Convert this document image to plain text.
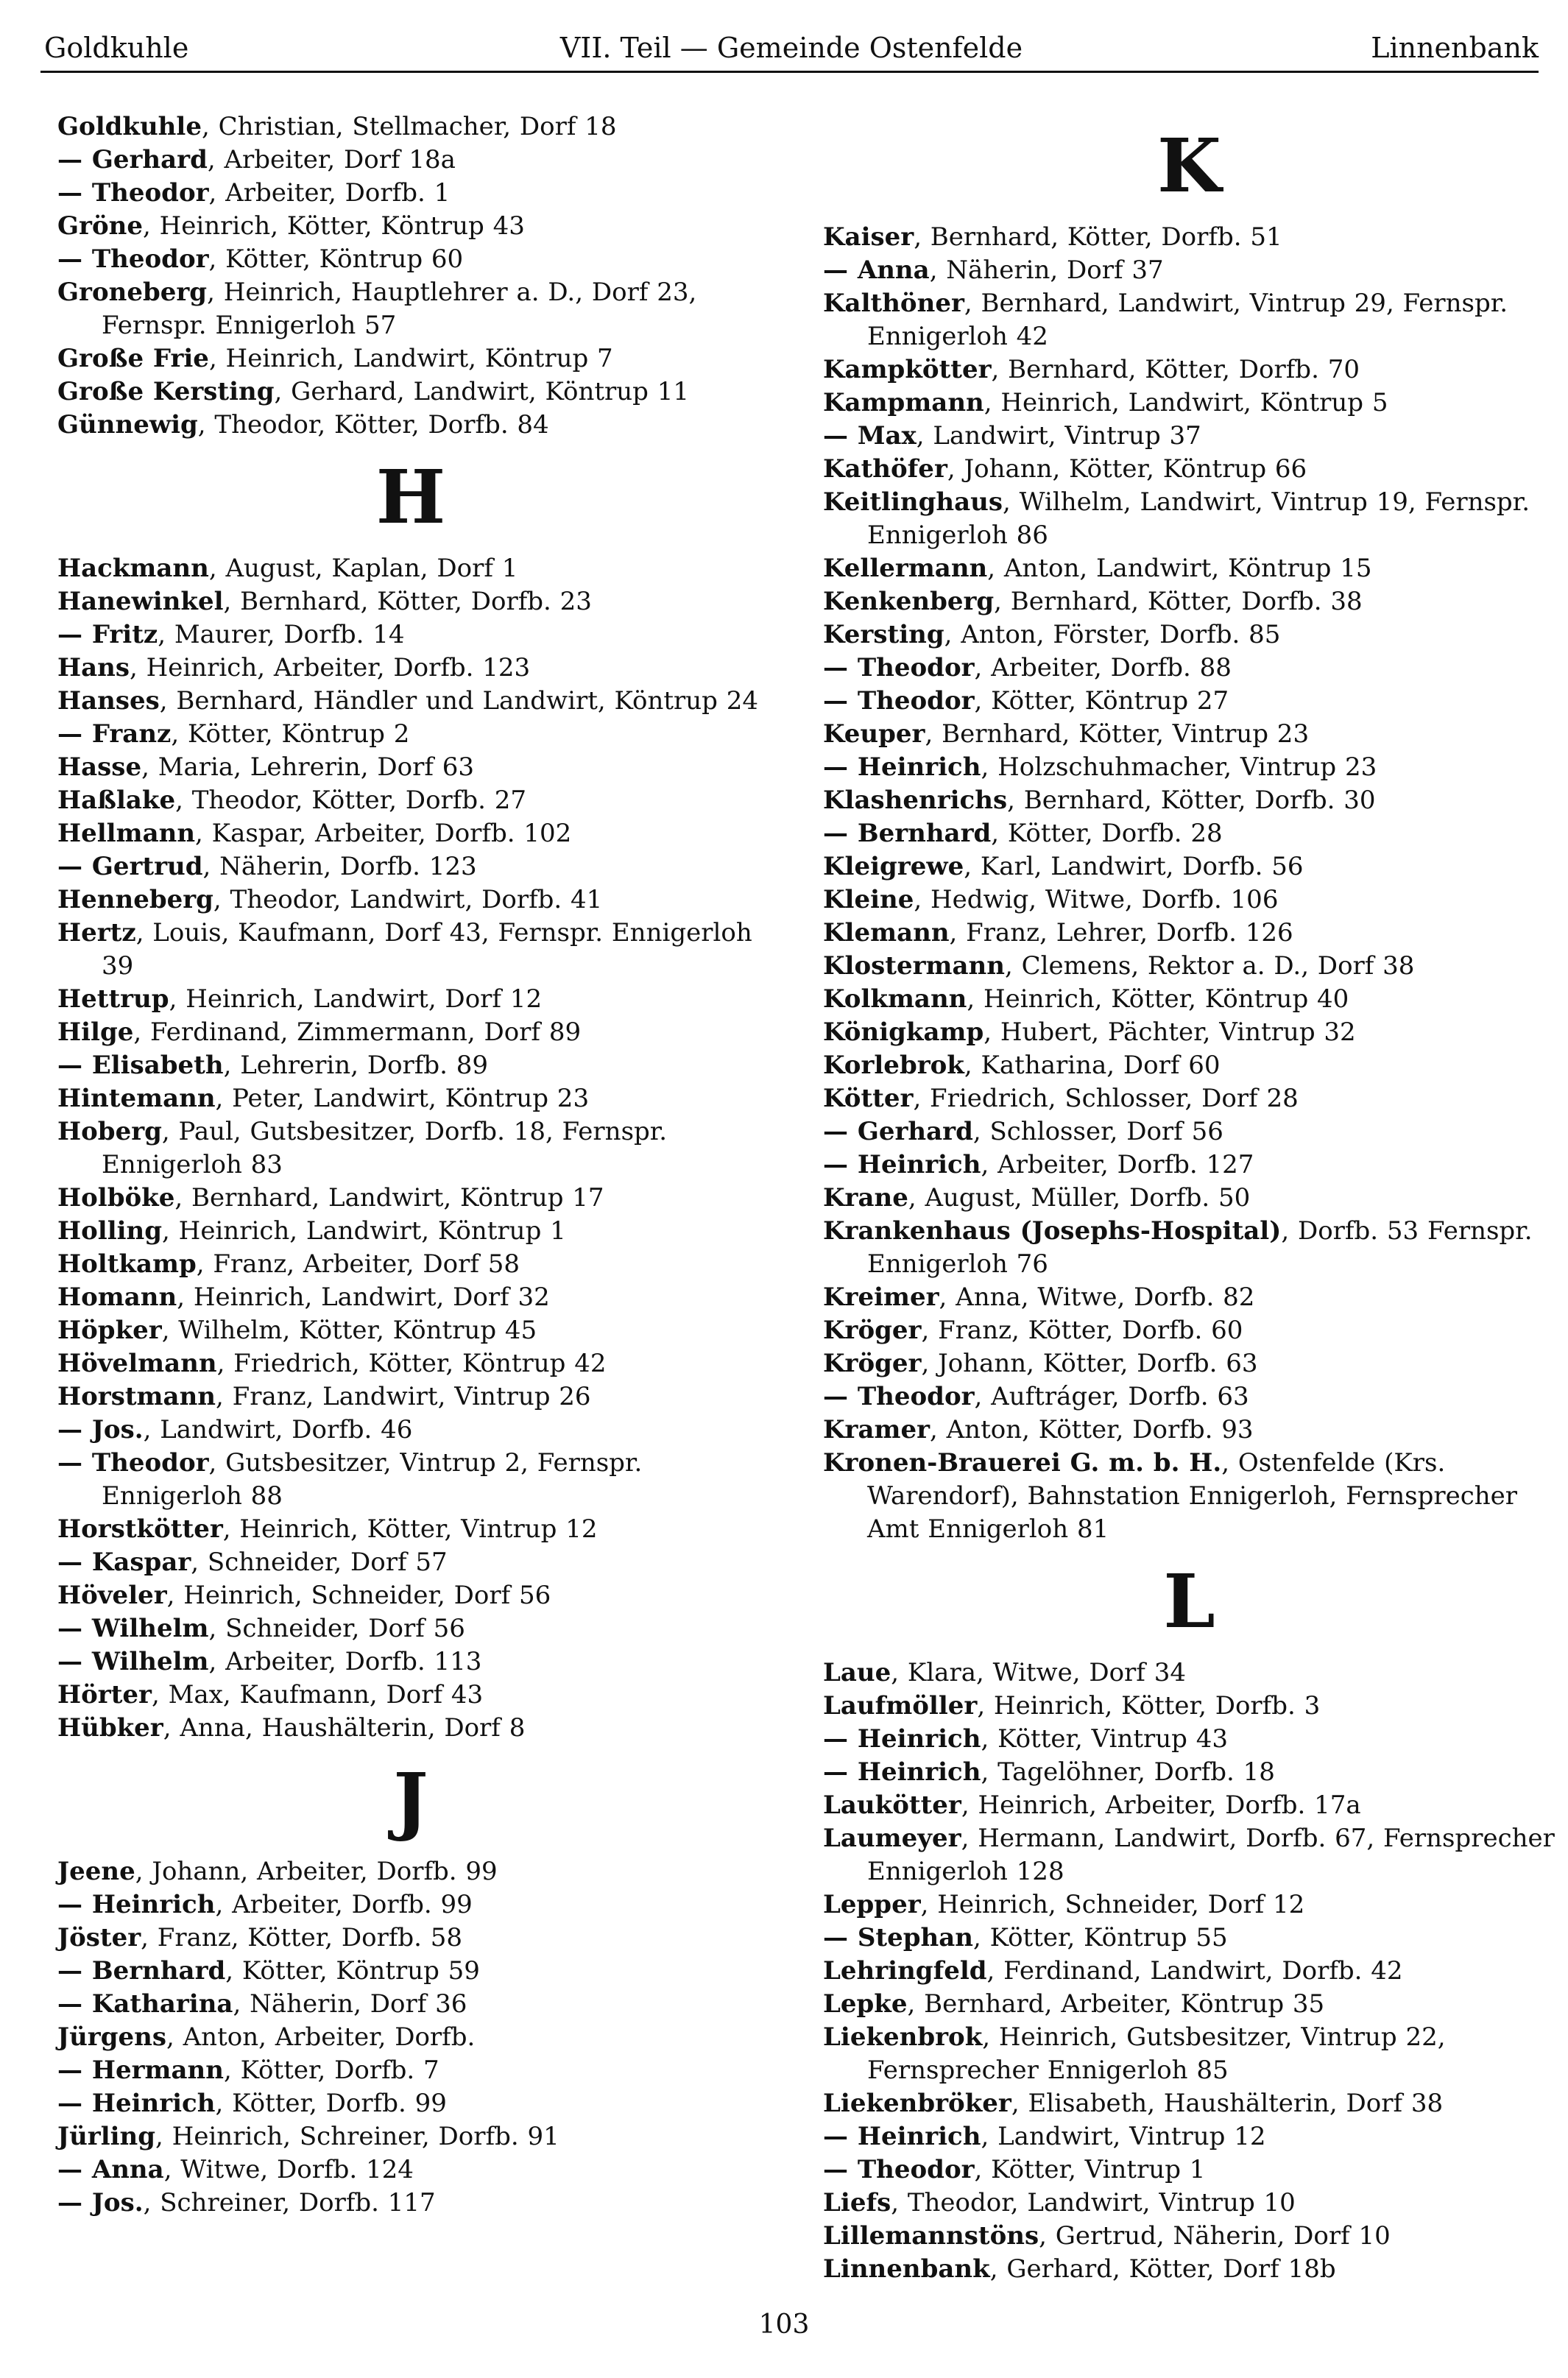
Goldkuhle	VII. Teil — Gemeinde Ostenfelde	Linnenbank

Goldkuhle, Christian, Stellmacher, Dorf 18

— Gerhard, Arbeiter, Dorf 18a

— Theodor, Arbeiter, Dorfb. 1

Gröne, Heinrich, Kötter, Köntrup 43

— Theodor, Kötter, Köntrup 60

Groneberg, Heinrich, Hauptlehrer a. D., Dorf 23, Fernspr. Ennigerloh 57

Große Frie, Heinrich, Landwirt, Köntrup 7

Große Kersting, Gerhard, Landwirt, Köntrup 11

Günnewig, Theodor, Kötter, Dorfb. 84

H

Hackmann, August, Kaplan, Dorf 1

Hanewinkel, Bernhard, Kötter, Dorfb. 23

— Fritz, Maurer, Dorfb. 14

Hans, Heinrich, Arbeiter, Dorfb. 123

Hanses, Bernhard, Händler und Landwirt, Köntrup 24

— Franz, Kötter, Köntrup 2

Hasse, Maria, Lehrerin, Dorf 63

Haßlake, Theodor, Kötter, Dorfb. 27

Hellmann, Kaspar, Arbeiter, Dorfb. 102

— Gertrud, Näherin, Dorfb. 123

Henneberg, Theodor, Landwirt, Dorfb. 41

Hertz, Louis, Kaufmann, Dorf 43, Fernspr. Ennigerloh 39

Hettrup, Heinrich, Landwirt, Dorf 12

Hilge, Ferdinand, Zimmermann, Dorf 89

— Elisabeth, Lehrerin, Dorfb. 89

Hintemann, Peter, Landwirt, Köntrup 23

Hoberg, Paul, Gutsbesitzer, Dorfb. 18, Fernspr. Ennigerloh 83

Holböke, Bernhard, Landwirt, Köntrup 17

Holling, Heinrich, Landwirt, Köntrup 1

Holtkamp, Franz, Arbeiter, Dorf 58

Homann, Heinrich, Landwirt, Dorf 32

Höpker, Wilhelm, Kötter, Köntrup 45

Hövelmann, Friedrich, Kötter, Köntrup 42

Horstmann, Franz, Landwirt, Vintrup 26

— Jos., Landwirt, Dorfb. 46

— Theodor, Gutsbesitzer, Vintrup 2, Fernspr. Ennigerloh 88

Horstkötter, Heinrich, Kötter, Vintrup 12

— Kaspar, Schneider, Dorf 57

Höveler, Heinrich, Schneider, Dorf 56

— Wilhelm, Schneider, Dorf 56

— Wilhelm, Arbeiter, Dorfb. 113

Hörter, Max, Kaufmann, Dorf 43

Hübker, Anna, Haushälterin, Dorf 8

J

Jeene, Johann, Arbeiter, Dorfb. 99

— Heinrich, Arbeiter, Dorfb. 99

Jöster, Franz, Kötter, Dorfb. 58

— Bernhard, Kötter, Köntrup 59

— Katharina, Näherin, Dorf 36

Jürgens, Anton, Arbeiter, Dorfb.

— Hermann, Kötter, Dorfb. 7

— Heinrich, Kötter, Dorfb. 99

Jürling, Heinrich, Schreiner, Dorfb. 91

— Anna, Witwe, Dorfb. 124

— Jos., Schreiner, Dorfb. 117

K

Kaiser, Bernhard, Kötter, Dorfb. 51

— Anna, Näherin, Dorf 37

Kalthöner, Bernhard, Landwirt, Vintrup 29, Fernspr. Ennigerloh 42

Kampkötter, Bernhard, Kötter, Dorfb. 70

Kampmann, Heinrich, Landwirt, Köntrup 5

— Max, Landwirt, Vintrup 37

Kathöfer, Johann, Kötter, Köntrup 66

Keitlinghaus, Wilhelm, Landwirt, Vintrup 19, Fernspr. Ennigerloh 86

Kellermann, Anton, Landwirt, Köntrup 15

Kenkenberg, Bernhard, Kötter, Dorfb. 38

Kersting, Anton, Förster, Dorfb. 85

— Theodor, Arbeiter, Dorfb. 88

— Theodor, Kötter, Köntrup 27

Keuper, Bernhard, Kötter, Vintrup 23

— Heinrich, Holzschuhmacher, Vintrup 23

Klashenrichs, Bernhard, Kötter, Dorfb. 30

— Bernhard, Kötter, Dorfb. 28

Kleigrewe, Karl, Landwirt, Dorfb. 56

Kleine, Hedwig, Witwe, Dorfb. 106

Klemann, Franz, Lehrer, Dorfb. 126

Klostermann, Clemens, Rektor a. D., Dorf 38

Kolkmann, Heinrich, Kötter, Köntrup 40

Königkamp, Hubert, Pächter, Vintrup 32

Korlebrok, Katharina, Dorf 60

Kötter, Friedrich, Schlosser, Dorf 28

— Gerhard, Schlosser, Dorf 56

— Heinrich, Arbeiter, Dorfb. 127

Krane, August, Müller, Dorfb. 50

Krankenhaus (Josephs-Hospital), Dorfb. 53 Fernspr. Ennigerloh 76

Kreimer, Anna, Witwe, Dorfb. 82

Kröger, Franz, Kötter, Dorfb. 60

Kröger, Johann, Kötter, Dorfb. 63

— Theodor, Auftráger, Dorfb. 63

Kramer, Anton, Kötter, Dorfb. 93

Kronen-Brauerei G. m. b. H., Ostenfelde (Krs. Warendorf), Bahnstation Ennigerloh, Fernsprecher Amt Ennigerloh 81

L

Laue, Klara, Witwe, Dorf 34

Laufmöller, Heinrich, Kötter, Dorfb. 3

— Heinrich, Kötter, Vintrup 43

— Heinrich, Tagelöhner, Dorfb. 18

Laukötter, Heinrich, Arbeiter, Dorfb. 17a

Laumeyer, Hermann, Landwirt, Dorfb. 67, Fernsprecher Ennigerloh 128

Lepper, Heinrich, Schneider, Dorf 12

— Stephan, Kötter, Köntrup 55

Lehringfeld, Ferdinand, Landwirt, Dorfb. 42

Lepke, Bernhard, Arbeiter, Köntrup 35

Liekenbrok, Heinrich, Gutsbesitzer, Vintrup 22, Fernsprecher Ennigerloh 85

Liekenbröker, Elisabeth, Haushälterin, Dorf 38

— Heinrich, Landwirt, Vintrup 12

— Theodor, Kötter, Vintrup 1

Liefs, Theodor, Landwirt, Vintrup 10

Lillemannstöns, Gertrud, Näherin, Dorf 10

Linnenbank, Gerhard, Kötter, Dorf 18b

103
